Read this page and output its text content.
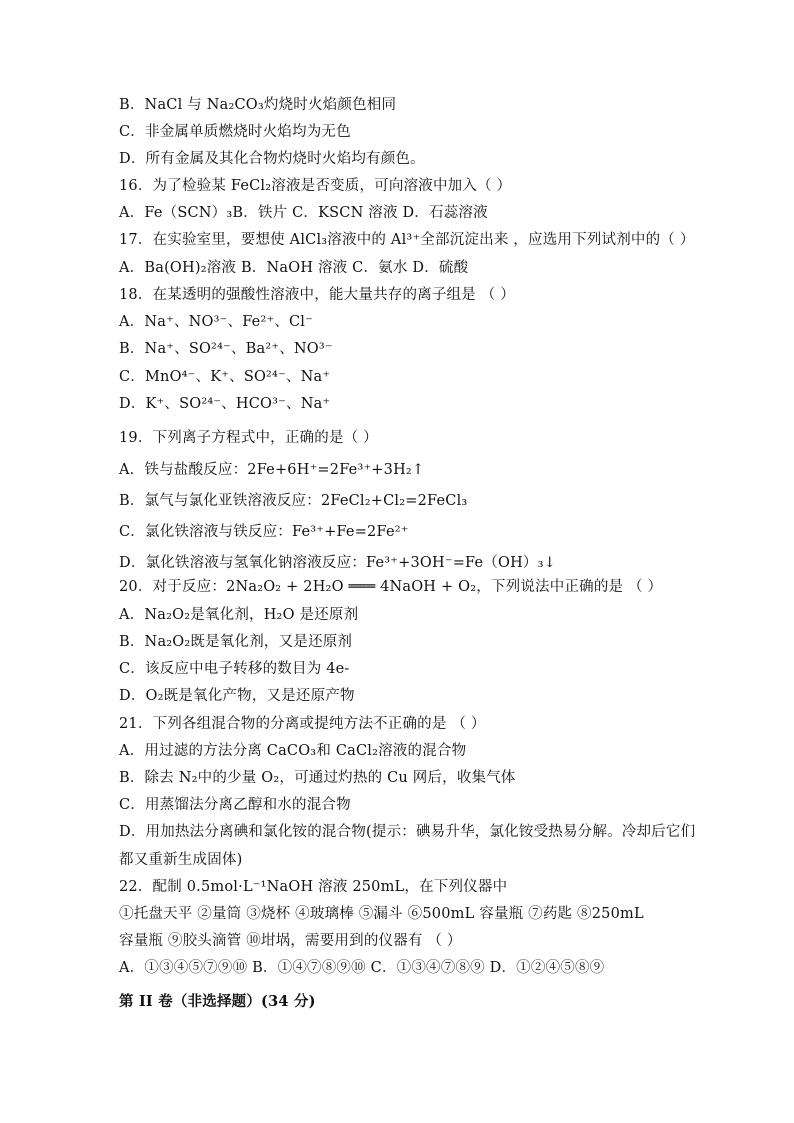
B．NaCl 与 Na₂CO₃灼烧时火焰颜色相同
C．非金属单质燃烧时火焰均为无色
D．所有金属及其化合物灼烧时火焰均有颜色。
16．为了检验某 FeCl₂溶液是否变质，可向溶液中加入（ ）
A．Fe（SCN）₃B．铁片 C．KSCN 溶液 D．石蕊溶液
17．在实验室里，要想使 AlCl₃溶液中的 Al³⁺全部沉淀出来 ，应选用下列试剂中的（ ）
A．Ba(OH)₂溶液 B．NaOH 溶液 C．氨水 D．硫酸
18．在某透明的强酸性溶液中，能大量共存的离子组是 （ ）
A．Na⁺、NO³⁻、Fe²⁺、Cl⁻
B．Na⁺、SO²⁴⁻、Ba²⁺、NO³⁻
C．MnO⁴⁻、K⁺、SO²⁴⁻、Na⁺
D．K⁺、SO²⁴⁻、HCO³⁻、Na⁺
19．下列离子方程式中，正确的是（ ）
A．铁与盐酸反应：2Fe+6H⁺=2Fe³⁺+3H₂↑
B．氯气与氯化亚铁溶液反应：2FeCl₂+Cl₂=2FeCl₃
C．氯化铁溶液与铁反应：Fe³⁺+Fe=2Fe²⁺
D．氯化铁溶液与氢氧化钠溶液反应：Fe³⁺+3OH⁻=Fe（OH）₃↓
20．对于反应：2Na₂O₂ + 2H₂O ═══ 4NaOH + O₂，下列说法中正确的是 （ ）
A．Na₂O₂是氧化剂，H₂O 是还原剂
B．Na₂O₂既是氧化剂，又是还原剂
C．该反应中电子转移的数目为 4e-
D．O₂既是氧化产物，又是还原产物
21．下列各组混合物的分离或提纯方法不正确的是 （ ）
A．用过滤的方法分离 CaCO₃和 CaCl₂溶液的混合物
B．除去 N₂中的少量 O₂，可通过灼热的 Cu 网后，收集气体
C．用蒸馏法分离乙醇和水的混合物
D．用加热法分离碘和氯化铵的混合物(提示：碘易升华，氯化铵受热易分解。冷却后它们
都又重新生成固体)
22．配制 0.5mol·L⁻¹NaOH 溶液 250mL，在下列仪器中
①托盘天平 ②量筒 ③烧杯 ④玻璃棒 ⑤漏斗 ⑥500mL 容量瓶 ⑦药匙 ⑧250mL
容量瓶 ⑨胶头滴管 ⑩坩埚，需要用到的仪器有 （ ）
A．①③④⑤⑦⑨⑩ B．①④⑦⑧⑨⑩ C．①③④⑦⑧⑨ D．①②④⑤⑧⑨
第 II 卷（非选择题）(34 分)
